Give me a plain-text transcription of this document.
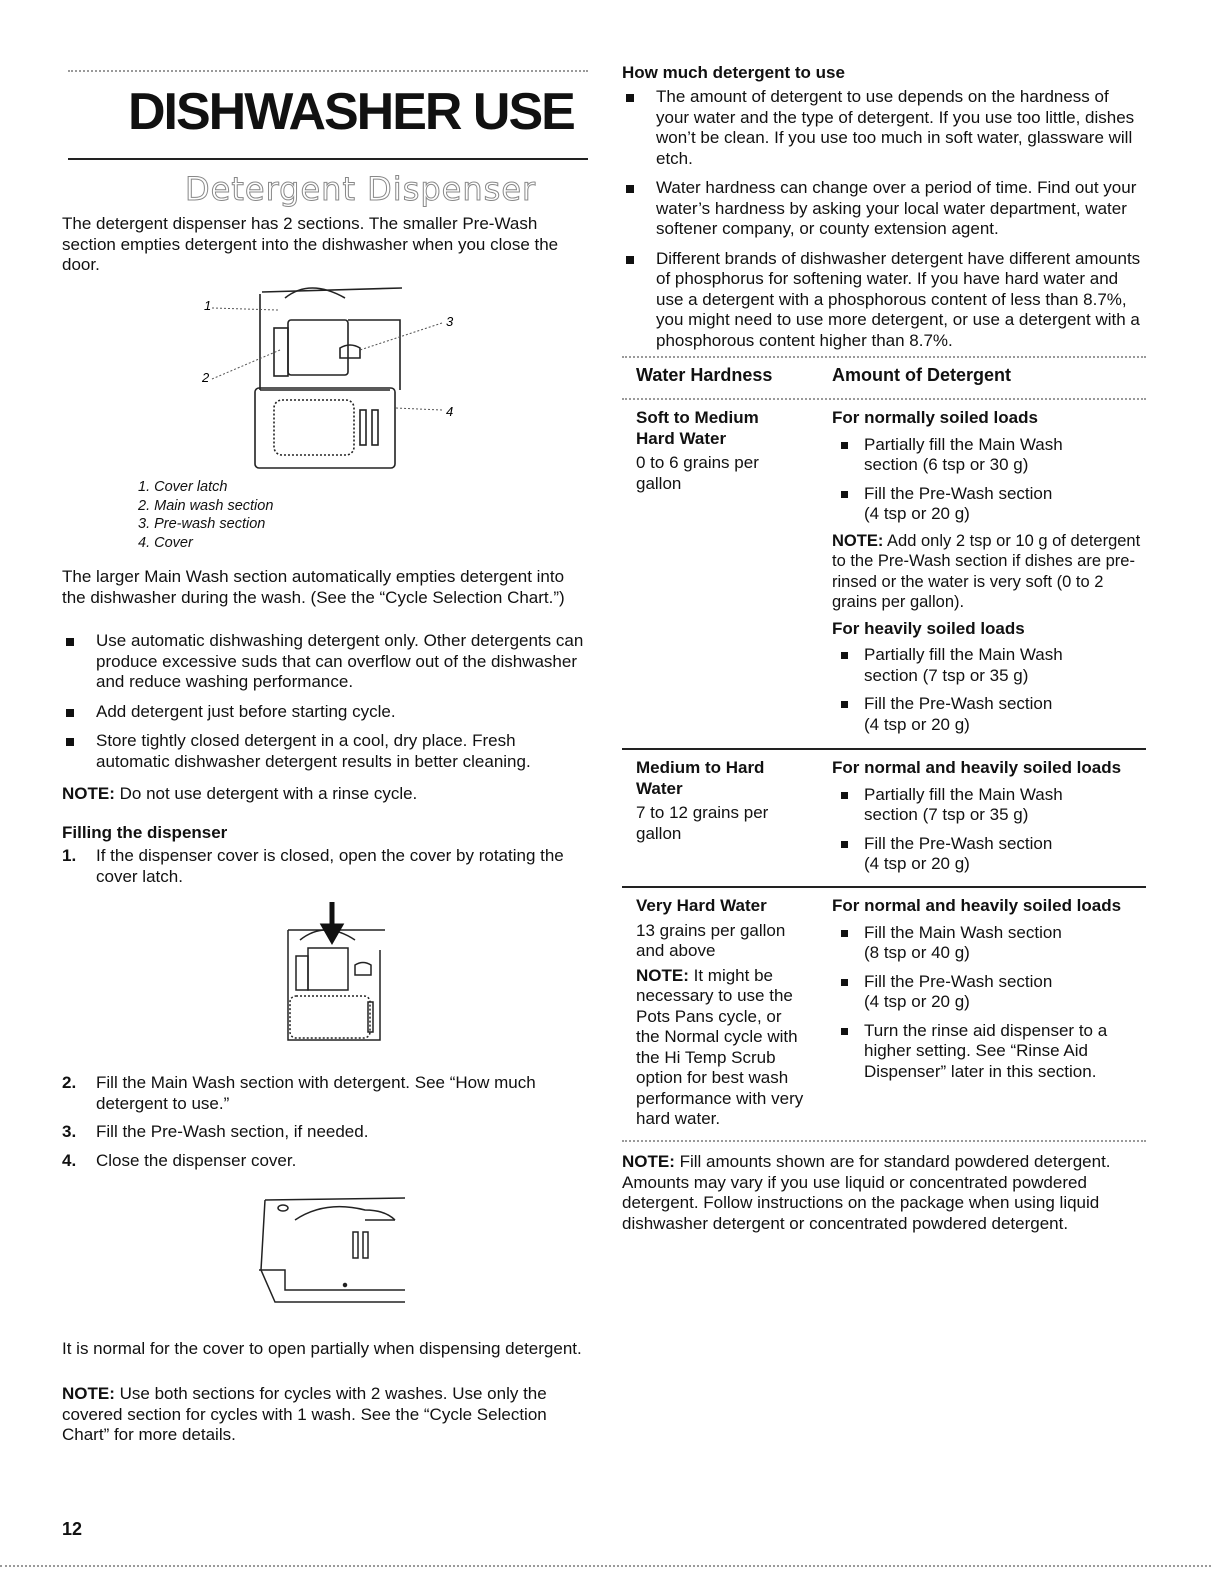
DISHWASHER USE
Detergent Dispenser

The detergent dispenser has 2 sections. The smaller Pre-Wash section empties detergent into the dishwasher when you close the door.

1
2
3
4
1. Cover latch
2. Main wash section
3. Pre-wash section
4. Cover

The larger Main Wash section automatically empties detergent into the dishwasher during the wash. (See the “Cycle Selection Chart.”)

Use automatic dishwashing detergent only. Other detergents can produce excessive suds that can overflow out of the dishwasher and reduce washing performance.

Add detergent just before starting cycle.

Store tightly closed detergent in a cool, dry place. Fresh automatic dishwasher detergent results in better cleaning.

NOTE: Do not use detergent with a rinse cycle.

Filling the dispenser

1. If the dispenser cover is closed, open the cover by rotating the cover latch.

2. Fill the Main Wash section with detergent. See “How much detergent to use.”

3. Fill the Pre-Wash section, if needed.

4. Close the dispenser cover.

It is normal for the cover to open partially when dispensing detergent.

NOTE: Use both sections for cycles with 2 washes. Use only the covered section for cycles with 1 wash. See the “Cycle Selection Chart” for more details.

12

How much detergent to use

The amount of detergent to use depends on the hardness of your water and the type of detergent. If you use too little, dishes won’t be clean. If you use too much in soft water, glassware will etch.

Water hardness can change over a period of time. Find out your water’s hardness by asking your local water department, water softener company, or county extension agent.

Different brands of dishwasher detergent have different amounts of phosphorus for softening water. If you have hard water and use a detergent with a phosphorous content of less than 8.7%, you might need to use more detergent, or use a detergent with a phosphorous content higher than 8.7%.

Water Hardness	Amount of Detergent

Soft to Medium Hard Water

0 to 6 grains per gallon

For normally soiled loads

Partially fill the Main Wash section (6 tsp or 30 g)

Fill the Pre-Wash section (4 tsp or 20 g)

NOTE: Add only 2 tsp or 10 g of detergent to the Pre-Wash section if dishes are pre-rinsed or the water is very soft (0 to 2 grains per gallon).

For heavily soiled loads

Partially fill the Main Wash section (7 tsp or 35 g)

Fill the Pre-Wash section (4 tsp or 20 g)

Medium to Hard Water

7 to 12 grains per gallon

For normal and heavily soiled loads

Partially fill the Main Wash section (7 tsp or 35 g)

Fill the Pre-Wash section (4 tsp or 20 g)

Very Hard Water

13 grains per gallon and above

NOTE: It might be necessary to use the Pots Pans cycle, or the Normal cycle with the Hi Temp Scrub option for best wash performance with very hard water.

For normal and heavily soiled loads

Fill the Main Wash section (8 tsp or 40 g)

Fill the Pre-Wash section (4 tsp or 20 g)

Turn the rinse aid dispenser to a higher setting. See “Rinse Aid Dispenser” later in this section.

NOTE: Fill amounts shown are for standard powdered detergent. Amounts may vary if you use liquid or concentrated powdered detergent. Follow instructions on the package when using liquid dishwasher detergent or concentrated powdered detergent.
